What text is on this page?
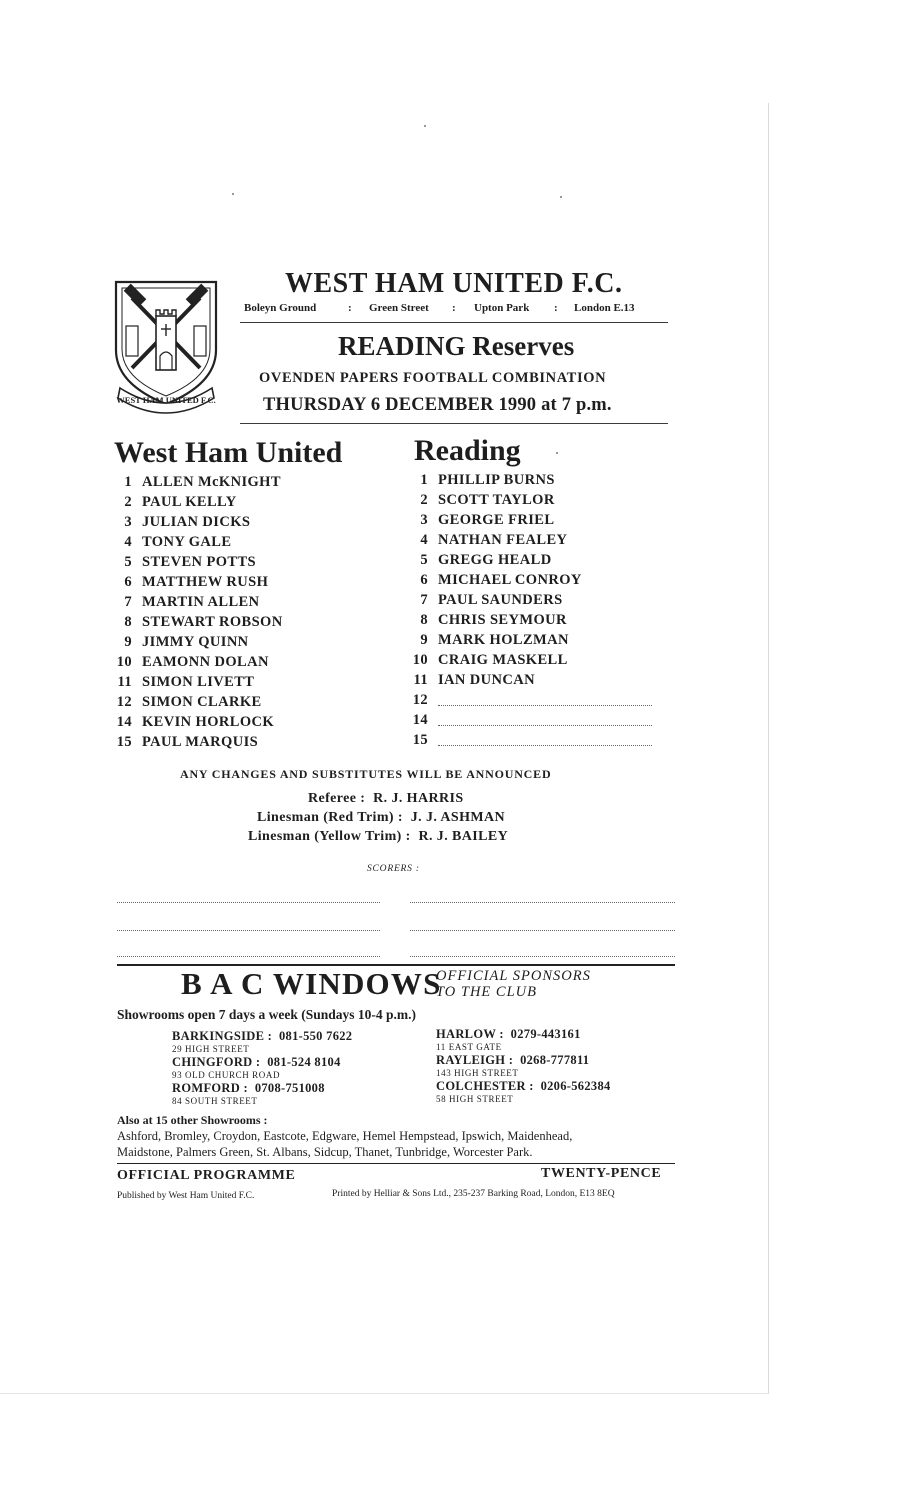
WEST HAM UNITED F.C.
WEST HAM UNITED F.C.
Boleyn Ground	: Green Street : Upton Park : London E.13
READING Reserves
OVENDEN PAPERS FOOTBALL COMBINATION
THURSDAY 6 DECEMBER 1990 at 7 p.m.
West Ham United Reading
1 ALLEN McKNIGHT
2 PAUL KELLY
3 JULIAN DICKS
4 TONY GALE
5 STEVEN POTTS
6 MATTHEW RUSH
7 MARTIN ALLEN
8 STEWART ROBSON
9 JIMMY QUINN
10 EAMONN DOLAN
11 SIMON LIVETT
12 SIMON CLARKE
14 KEVIN HORLOCK
15 PAUL MARQUIS
1 PHILLIP BURNS
2 SCOTT TAYLOR
3 GEORGE FRIEL
4 NATHAN FEALEY
5 GREGG HEALD
6 MICHAEL CONROY
7 PAUL SAUNDERS
8 CHRIS SEYMOUR
9 MARK HOLZMAN
10 CRAIG MASKELL
11 IAN DUNCAN
12
14
15
ANY CHANGES AND SUBSTITUTES WILL BE ANNOUNCED
Referee : R. J. HARRIS
Linesman (Red Trim) : J. J. ASHMAN
Linesman (Yellow Trim) : R. J. BAILEY
SCORERS :
B A C WINDOWS
OFFICIAL SPONSORS
TO THE CLUB
Showrooms open 7 days a week (Sundays 10-4 p.m.)
BARKINGSIDE : 081-550 7622
29 HIGH STREET
CHINGFORD : 081-524 8104
93 OLD CHURCH ROAD
ROMFORD : 0708-751008
84 SOUTH STREET
HARLOW : 0279-443161
11 EAST GATE
RAYLEIGH : 0268-777811
143 HIGH STREET
COLCHESTER : 0206-562384
58 HIGH STREET
Also at 15 other Showrooms :
Ashford, Bromley, Croydon, Eastcote, Edgware, Hemel Hempstead, Ipswich, Maidenhead,
Maidstone, Palmers Green, St. Albans, Sidcup, Thanet, Tunbridge, Worcester Park.
OFFICIAL PROGRAMME	TWENTY-PENCE
Published by West Ham United F.C.	Printed by Helliar & Sons Ltd., 235-237 Barking Road, London, E13 8EQ
